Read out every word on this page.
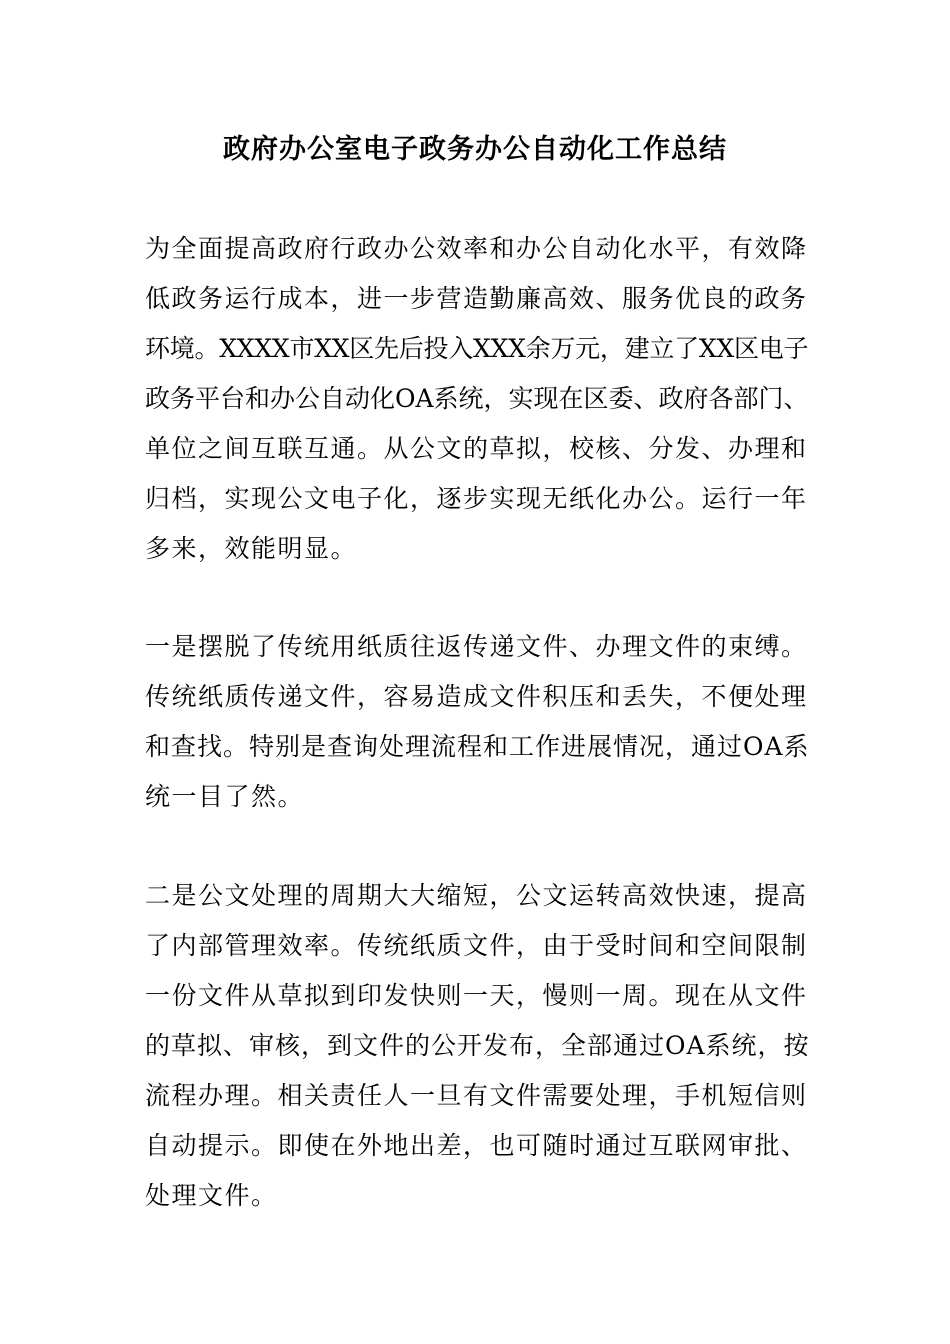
政府办公室电子政务办公自动化工作总结
为全面提高政府行政办公效率和办公自动化水平，有效降
低政务运行成本，进一步营造勤廉高效、服务优良的政务
环境。XXXX市XX区先后投入XXX余万元，建立了XX区电子
政务平台和办公自动化OA系统，实现在区委、政府各部门、
单位之间互联互通。从公文的草拟，校核、分发、办理和
归档，实现公文电子化，逐步实现无纸化办公。运行一年
多来，效能明显。
一是摆脱了传统用纸质往返传递文件、办理文件的束缚。
传统纸质传递文件，容易造成文件积压和丢失，不便处理
和查找。特别是查询处理流程和工作进展情况，通过OA系
统一目了然。
二是公文处理的周期大大缩短，公文运转高效快速，提高
了内部管理效率。传统纸质文件，由于受时间和空间限制
一份文件从草拟到印发快则一天，慢则一周。现在从文件
的草拟、审核，到文件的公开发布，全部通过OA系统，按
流程办理。相关责任人一旦有文件需要处理，手机短信则
自动提示。即使在外地出差，也可随时通过互联网审批、
处理文件。
